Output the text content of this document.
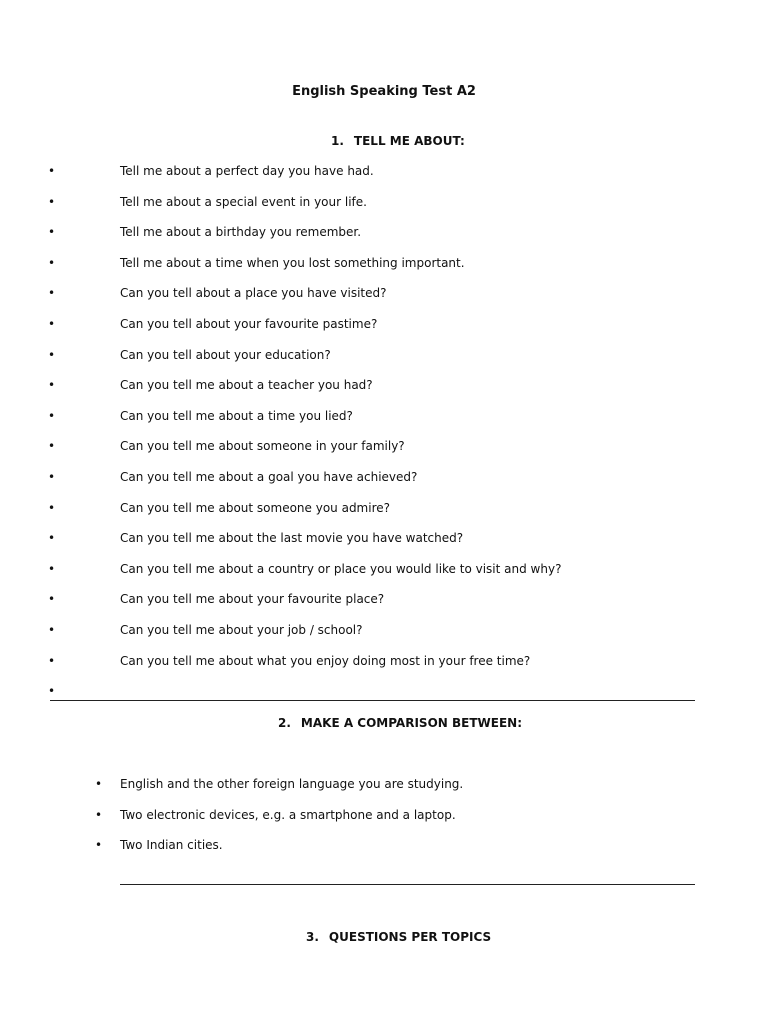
English Speaking Test A2
1. TELL ME ABOUT:
•	Tell me about a perfect day you have had.
•	Tell me about a special event in your life.
•	Tell me about a birthday you remember.
•	Tell me about a time when you lost something important.
•	Can you tell about a place you have visited?
•	Can you tell about your favourite pastime?
•	Can you tell about your education?
•	Can you tell me about a teacher you had?
•	Can you tell me about a time you lied?
•	Can you tell me about someone in your family?
•	Can you tell me about a goal you have achieved?
•	Can you tell me about someone you admire?
•	Can you tell me about the last movie you have watched?
•	Can you tell me about a country or place you would like to visit and why?
•	Can you tell me about your favourite place?
•	Can you tell me about your job / school?
•	Can you tell me about what you enjoy doing most in your free time?
•
2. MAKE A COMPARISON BETWEEN:
• English and the other foreign language you are studying.
• Two electronic devices, e.g. a smartphone and a laptop.
• Two Indian cities.
3. QUESTIONS PER TOPICS
